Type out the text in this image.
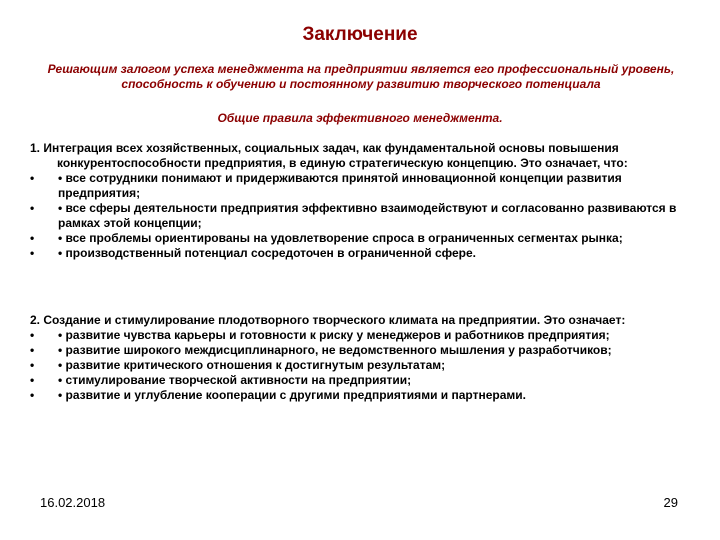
Заключение
Решающим залогом успеха менеджмента на предприятии является его профессиональный уровень, способность к обучению и постоянному развитию творческого потенциала
Общие правила эффективного менеджмента.
1. Интеграция всех хозяйственных, социальных задач, как фундаментальной основы повышения конкурентоспособности предприятия, в единую стратегическую концепцию. Это означает, что:
•	• все сотрудники понимают и придерживаются принятой инновационной концепции развития предприятия;
•	• все сферы деятельности предприятия эффективно взаимодействуют и согласованно развиваются в рамках этой концепции;
•	• все проблемы ориентированы на удовлетворение спроса в ограниченных сегментах рынка;
•	• производственный потенциал сосредоточен в ограниченной сфере.
2. Создание и стимулирование плодотворного творческого климата на предприятии. Это означает:
•	• развитие чувства карьеры и готовности к риску у менеджеров и работников предприятия;
•	• развитие широкого междисциплинарного, не ведомственного мышления у разработчиков;
•	• развитие критического отношения к достигнутым результатам;
•	• стимулирование творческой активности на предприятии;
•	• развитие и углубление кооперации с другими предприятиями и партнерами.
16.02.2018	29
